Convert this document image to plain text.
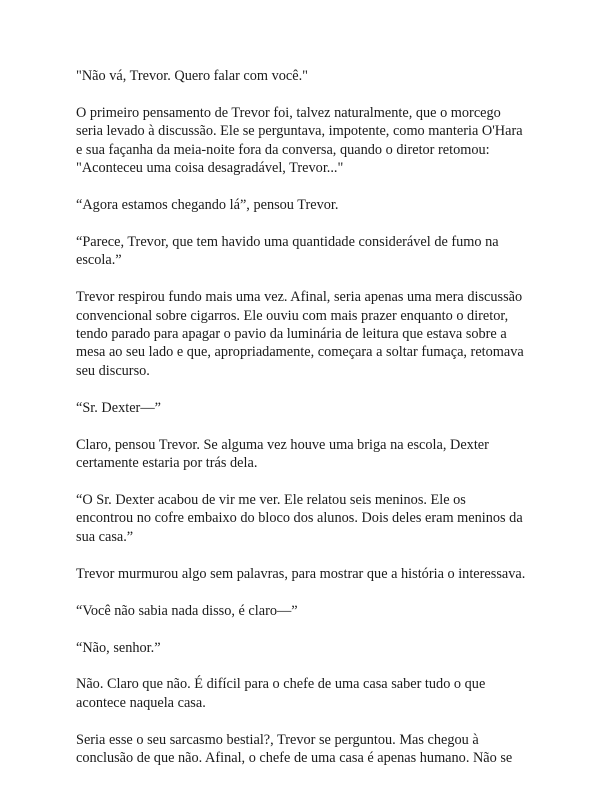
"Não vá, Trevor. Quero falar com você."

O primeiro pensamento de Trevor foi, talvez naturalmente, que o morcego seria levado à discussão. Ele se perguntava, impotente, como manteria O'Hara e sua façanha da meia-noite fora da conversa, quando o diretor retomou: "Aconteceu uma coisa desagradável, Trevor..."

“Agora estamos chegando lá”, pensou Trevor.

“Parece, Trevor, que tem havido uma quantidade considerável de fumo na escola.”

Trevor respirou fundo mais uma vez. Afinal, seria apenas uma mera discussão convencional sobre cigarros. Ele ouviu com mais prazer enquanto o diretor, tendo parado para apagar o pavio da luminária de leitura que estava sobre a mesa ao seu lado e que, apropriadamente, começara a soltar fumaça, retomava seu discurso.

“Sr. Dexter—”

Claro, pensou Trevor. Se alguma vez houve uma briga na escola, Dexter certamente estaria por trás dela.

“O Sr. Dexter acabou de vir me ver. Ele relatou seis meninos. Ele os encontrou no cofre embaixo do bloco dos alunos. Dois deles eram meninos da sua casa.”

Trevor murmurou algo sem palavras, para mostrar que a história o interessava.

“Você não sabia nada disso, é claro—”

“Não, senhor.”

Não. Claro que não. É difícil para o chefe de uma casa saber tudo o que acontece naquela casa.

Seria esse o seu sarcasmo bestial?, Trevor se perguntou. Mas chegou à conclusão de que não. Afinal, o chefe de uma casa é apenas humano. Não se
